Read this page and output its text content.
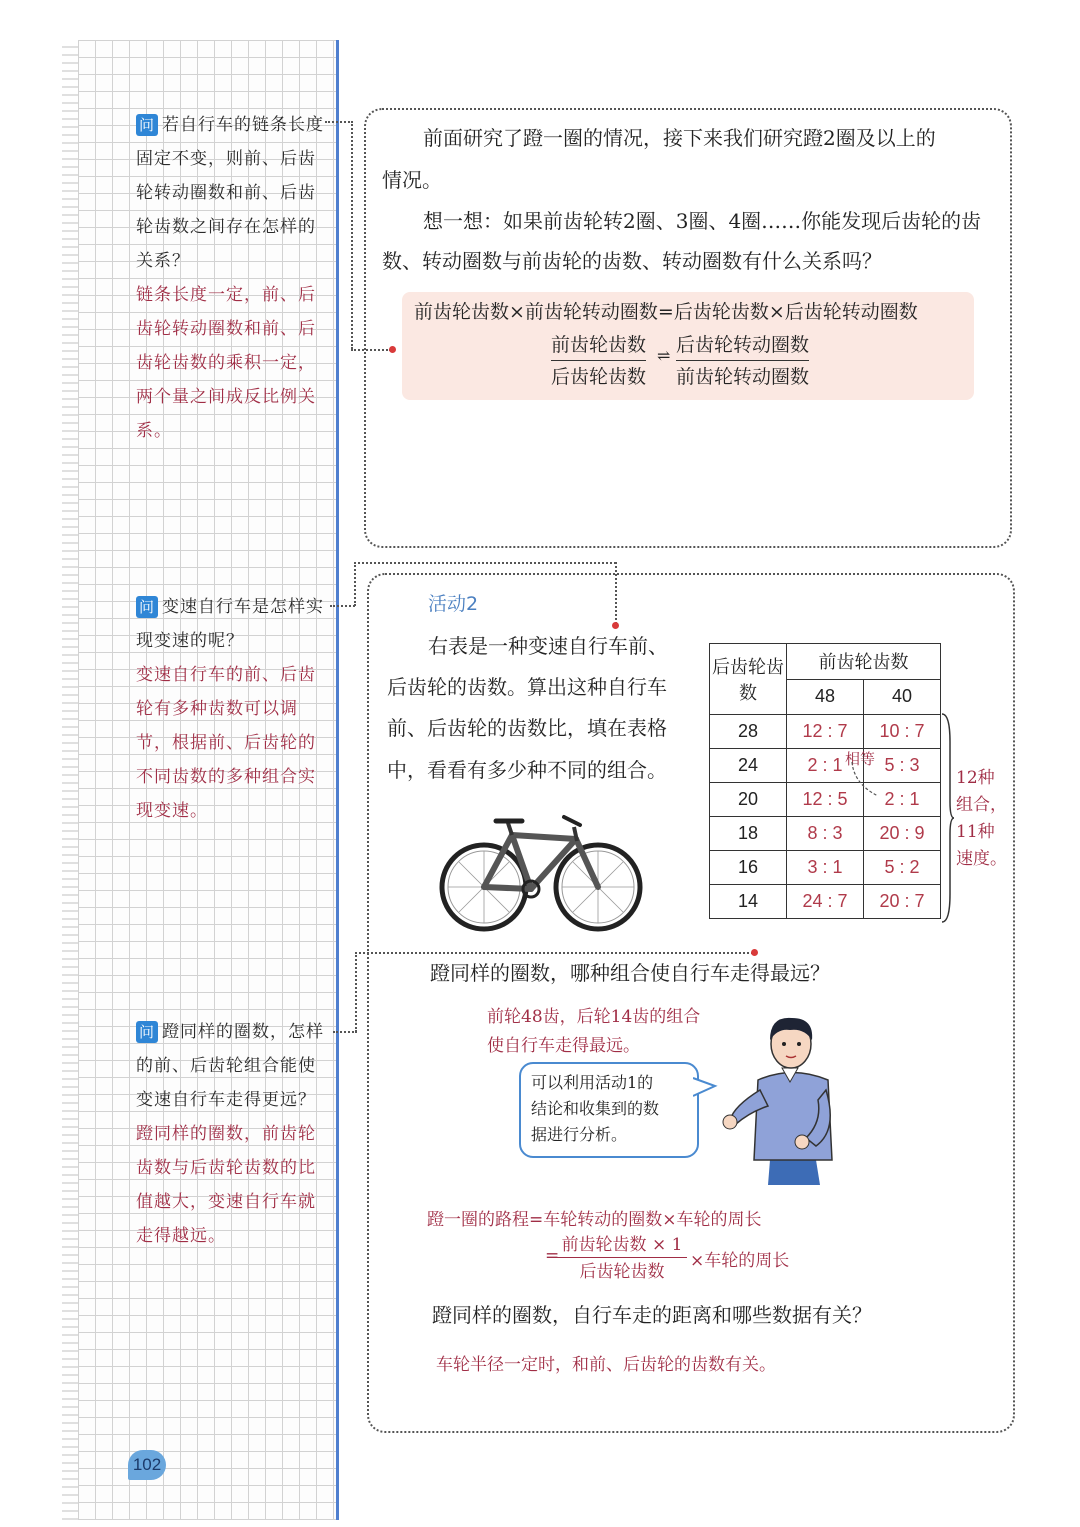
问 若自行车的链条长度固定不变，则前、后齿轮转动圈数和前、后齿轮齿数之间存在怎样的关系？
链条长度一定，前、后齿轮转动圈数和前、后齿轮齿数的乘积一定，两个量之间成反比例关系。
问 变速自行车是怎样实现变速的呢？
变速自行车的前、后齿轮有多种齿数可以调节，根据前、后齿轮的不同齿数的多种组合实现变速。
问 蹬同样的圈数，怎样的前、后齿轮组合能使变速自行车走得更远？
蹬同样的圈数，前齿轮齿数与后齿轮齿数的比值越大，变速自行车就走得越远。
前面研究了蹬一圈的情况，接下来我们研究蹬2圈及以上的
情况。
想一想：如果前齿轮转2圈、3圈、4圈……你能发现后齿轮的齿
数、转动圈数与前齿轮的齿数、转动圈数有什么关系吗？
前齿轮齿数×前齿轮转动圈数=后齿轮齿数×后齿轮转动圈数
前齿轮齿数
后齿轮齿数
⇌ 后齿轮转动圈数
前齿轮转动圈数
活动2
右表是一种变速自行车前、
后齿轮的齿数。算出这种自行车
前、后齿轮的齿数比，填在表格
中，看看有多少种不同的组合。
后齿轮齿数	前齿轮齿数	
	48	40
28	12 : 7	10 : 7
24	2 : 1	5 : 3
20	12 : 5	2 : 1
18	8 : 3	20 : 9
16	3 : 1	5 : 2
14	24 : 7	20 : 7
相等
12种
组合，
11种
速度。
蹬同样的圈数，哪种组合使自行车走得最远？
前轮48齿，后轮14齿的组合
使自行车走得最远。
可以利用活动1的
结论和收集到的数
据进行分析。
蹬一圈的路程=车轮转动的圈数×车轮的周长
=
前齿轮齿数 × 1
后齿轮齿数
×车轮的周长
蹬同样的圈数，自行车走的距离和哪些数据有关？
车轮半径一定时，和前、后齿轮的齿数有关。
102
